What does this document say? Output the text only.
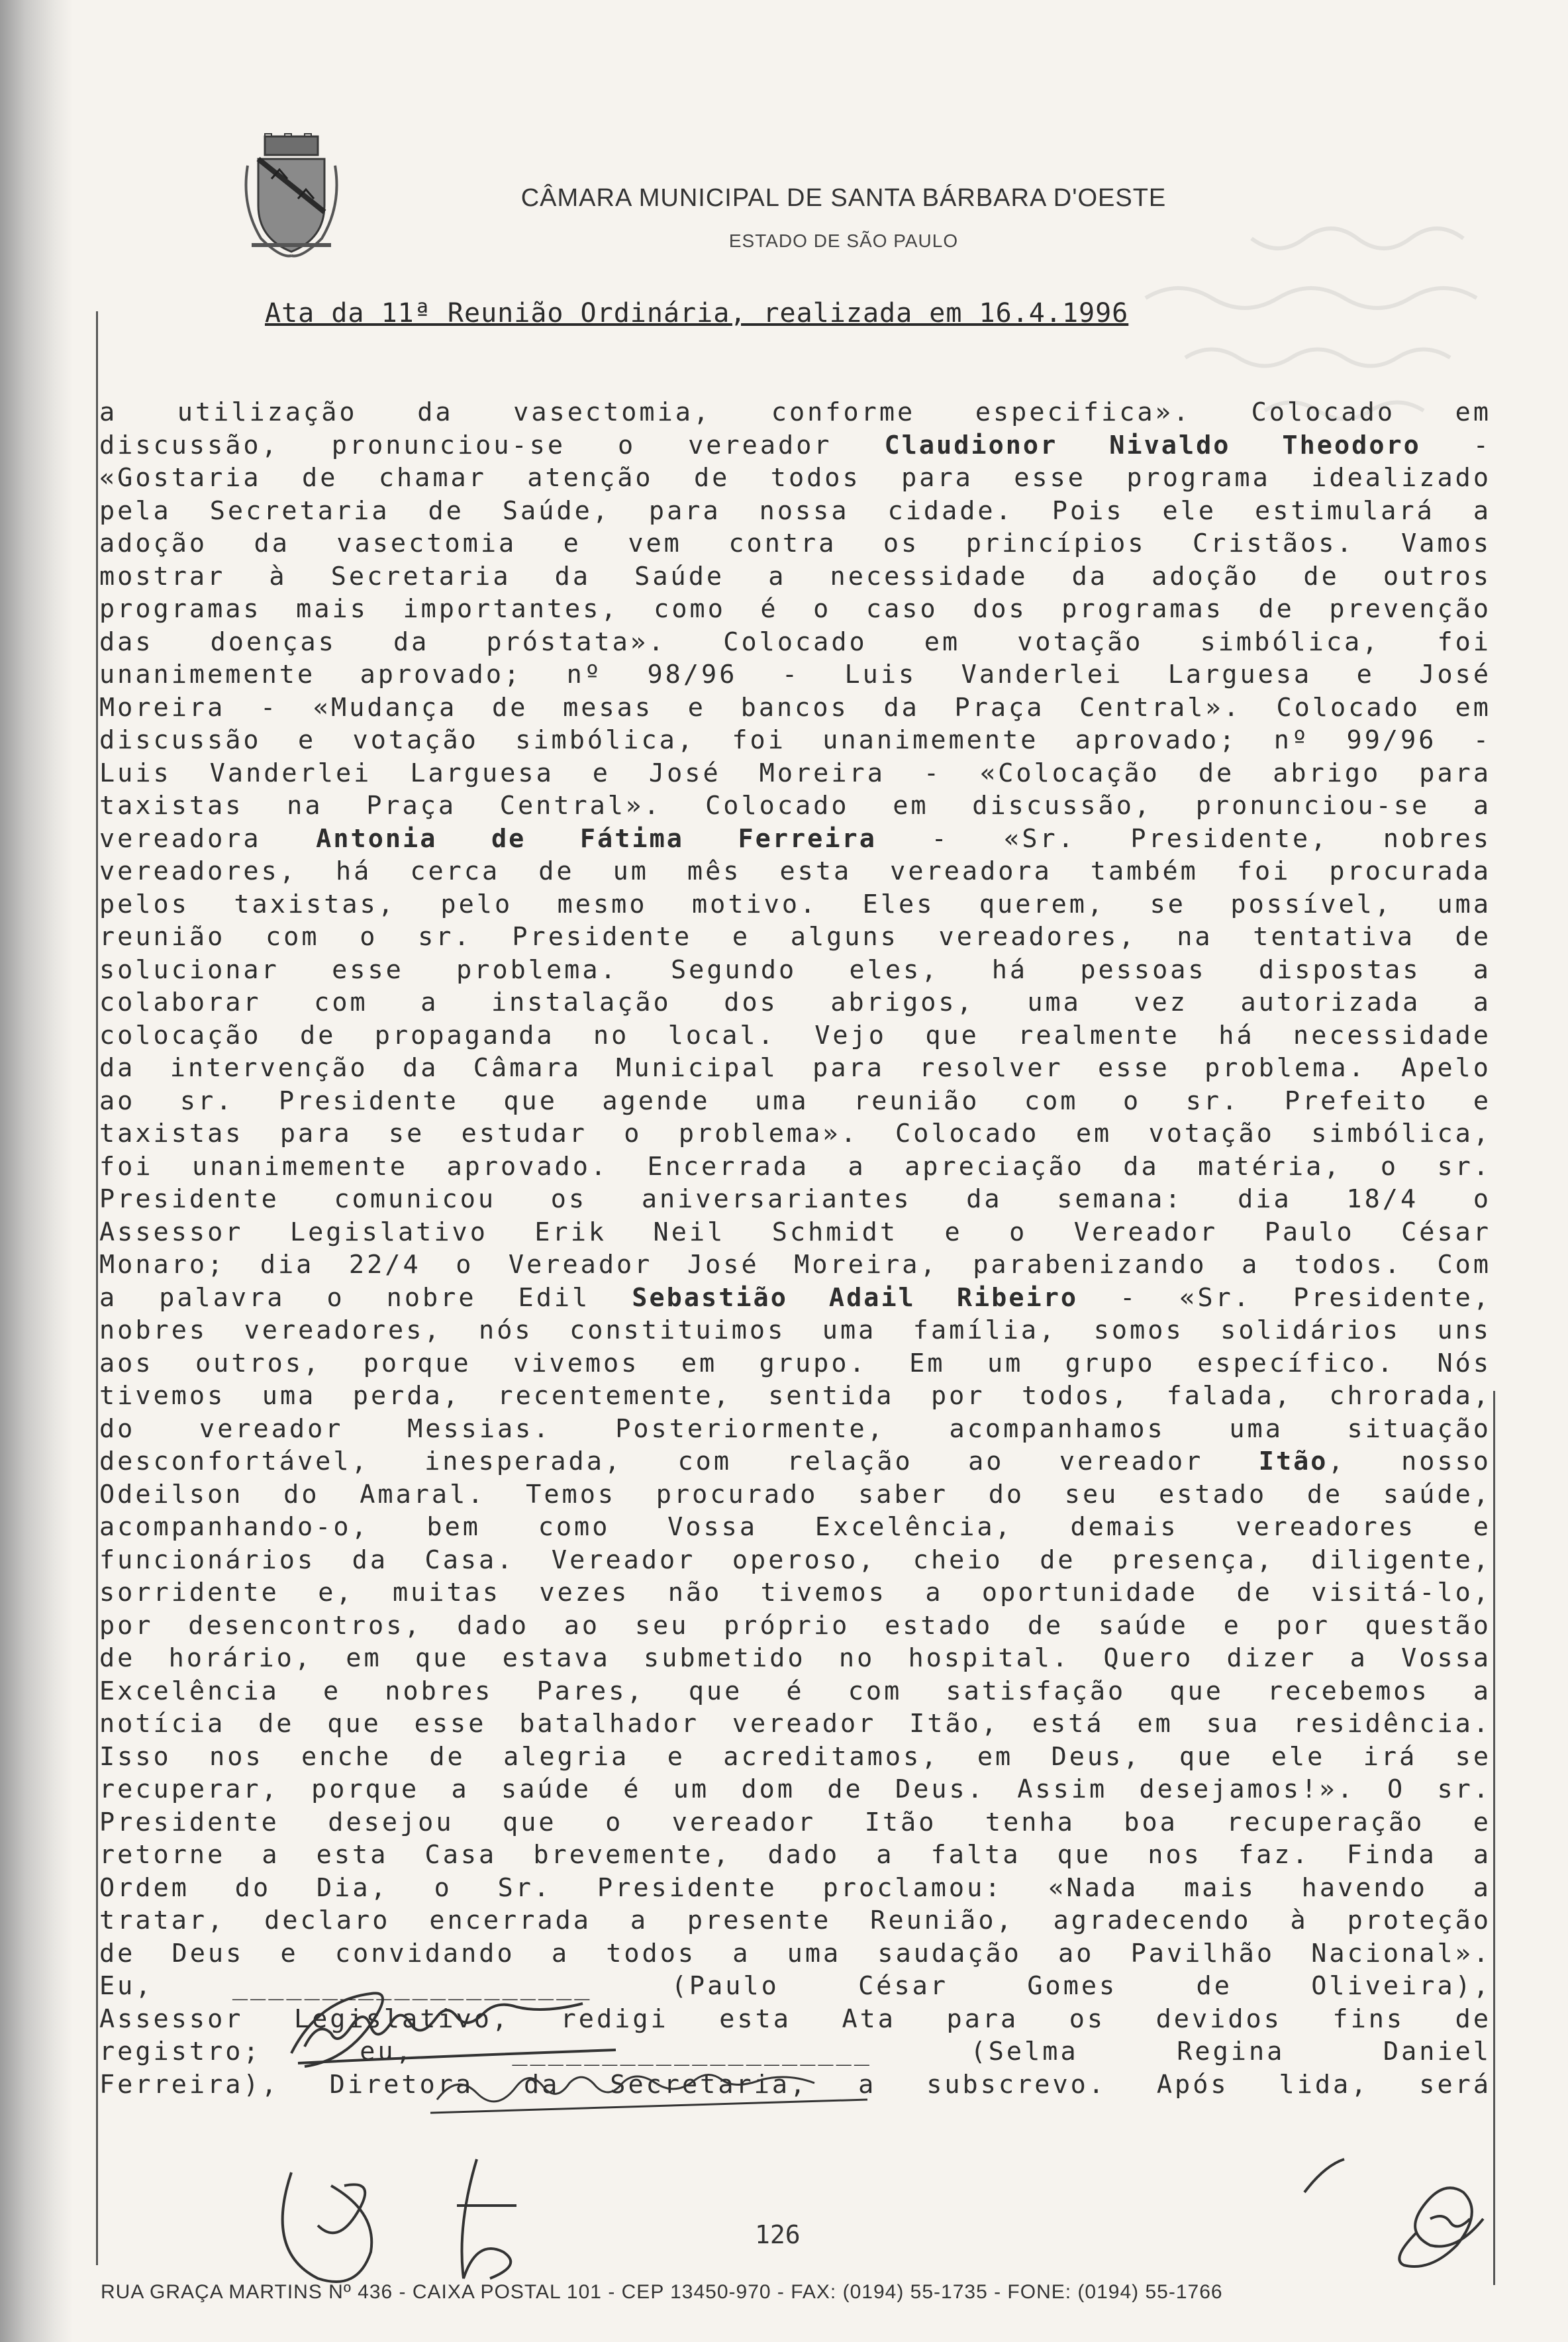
CÂMARA MUNICIPAL DE SANTA BÁRBARA D'OESTE
ESTADO DE SÃO PAULO
Ata da 11ª Reunião Ordinária, realizada em 16.4.1996
a utilização da vasectomia, conforme especifica». Colocado em
discussão, pronunciou-se o vereador Claudionor Nivaldo Theodoro -
«Gostaria de chamar atenção de todos para esse programa idealizado
pela Secretaria de Saúde, para nossa cidade. Pois ele estimulará a
adoção da vasectomia e vem contra os princípios Cristãos. Vamos
mostrar à Secretaria da Saúde a necessidade da adoção de outros
programas mais importantes, como é o caso dos programas de prevenção
das doenças da próstata». Colocado em votação simbólica, foi
unanimemente aprovado; nº 98/96 - Luis Vanderlei Larguesa e José
Moreira - «Mudança de mesas e bancos da Praça Central». Colocado em
discussão e votação simbólica, foi unanimemente aprovado; nº 99/96 -
Luis Vanderlei Larguesa e José Moreira - «Colocação de abrigo para
taxistas na Praça Central». Colocado em discussão, pronunciou-se a
vereadora Antonia de Fátima Ferreira - «Sr. Presidente, nobres
vereadores, há cerca de um mês esta vereadora também foi procurada
pelos taxistas, pelo mesmo motivo. Eles querem, se possível, uma
reunião com o sr. Presidente e alguns vereadores, na tentativa de
solucionar esse problema. Segundo eles, há pessoas dispostas a
colaborar com a instalação dos abrigos, uma vez autorizada a
colocação de propaganda no local. Vejo que realmente há necessidade
da intervenção da Câmara Municipal para resolver esse problema. Apelo
ao sr. Presidente que agende uma reunião com o sr. Prefeito e
taxistas para se estudar o problema». Colocado em votação simbólica,
foi unanimemente aprovado. Encerrada a apreciação da matéria, o sr.
Presidente comunicou os aniversariantes da semana: dia 18/4 o
Assessor Legislativo Erik Neil Schmidt e o Vereador Paulo César
Monaro; dia 22/4 o Vereador José Moreira, parabenizando a todos. Com
a palavra o nobre Edil Sebastião Adail Ribeiro - «Sr. Presidente,
nobres vereadores, nós constituimos uma família, somos solidários uns
aos outros, porque vivemos em grupo. Em um grupo específico. Nós
tivemos uma perda, recentemente, sentida por todos, falada, chrorada,
do vereador Messias. Posteriormente, acompanhamos uma situação
desconfortável, inesperada, com relação ao vereador Itão, nosso
Odeilson do Amaral. Temos procurado saber do seu estado de saúde,
acompanhando-o, bem como Vossa Excelência, demais vereadores e
funcionários da Casa. Vereador operoso, cheio de presença, diligente,
sorridente e, muitas vezes não tivemos a oportunidade de visitá-lo,
por desencontros, dado ao seu próprio estado de saúde e por questão
de horário, em que estava submetido no hospital. Quero dizer a Vossa
Excelência e nobres Pares, que é com satisfação que recebemos a
notícia de que esse batalhador vereador Itão, está em sua residência.
Isso nos enche de alegria e acreditamos, em Deus, que ele irá se
recuperar, porque a saúde é um dom de Deus. Assim desejamos!». O sr.
Presidente desejou que o vereador Itão tenha boa recuperação e
retorne a esta Casa brevemente, dado a falta que nos faz. Finda a
Ordem do Dia, o Sr. Presidente proclamou: «Nada mais havendo a
tratar, declaro encerrada a presente Reunião, agradecendo à proteção
de Deus e convidando a todos a uma saudação ao Pavilhão Nacional».
Eu, ____________________ (Paulo César Gomes de Oliveira),
Assessor Legislativo, redigi esta Ata para os devidos fins de
registro; eu, ____________________ (Selma Regina Daniel
Ferreira), Diretora da Secretaria, a subscrevo. Após lida, será
126
RUA GRAÇA MARTINS Nº 436 - CAIXA POSTAL 101 - CEP 13450-970 - FAX: (0194) 55-1735 - FONE: (0194) 55-1766
